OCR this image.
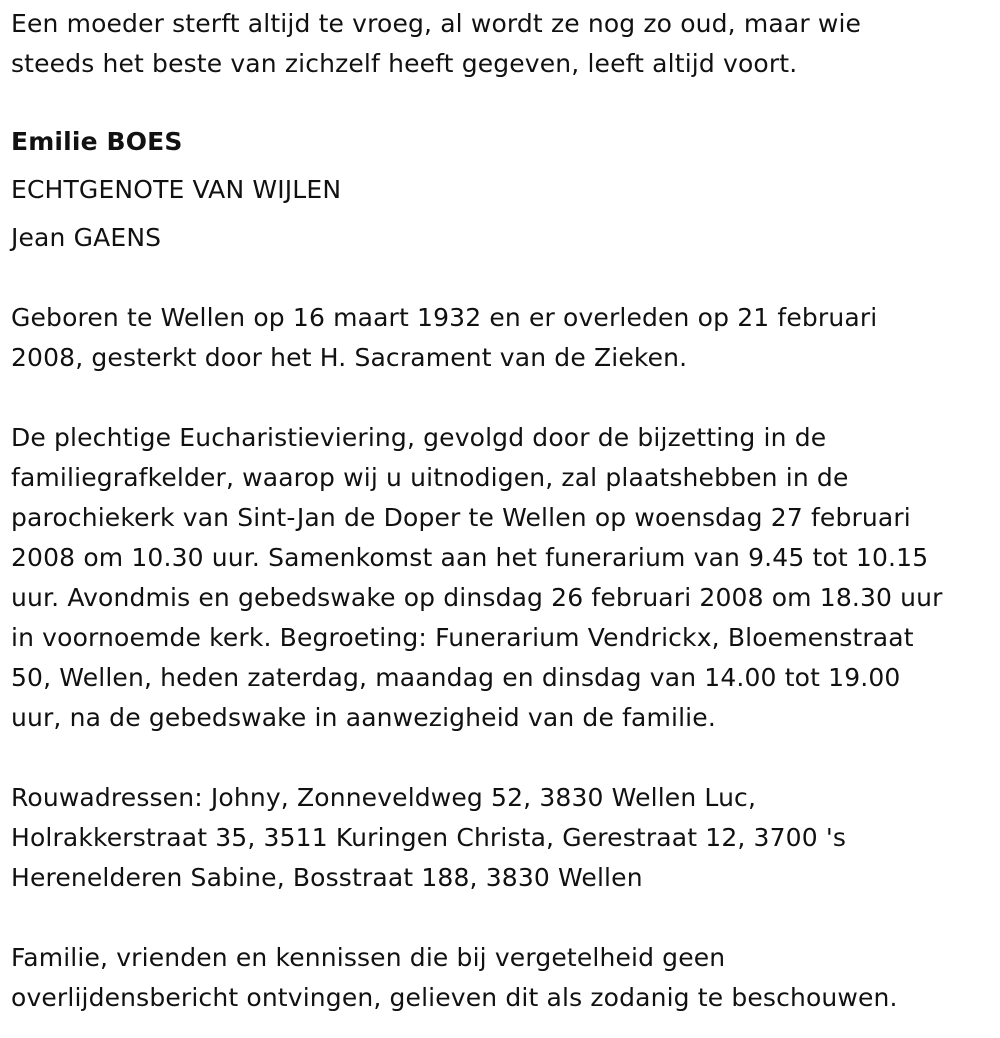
Een moeder sterft altijd te vroeg, al wordt ze nog zo oud, maar wie
steeds het beste van zichzelf heeft gegeven, leeft altijd voort.

Emilie BOES

ECHTGENOTE VAN WIJLEN

Jean GAENS

Geboren te Wellen op 16 maart 1932 en er overleden op 21 februari
2008, gesterkt door het H. Sacrament van de Zieken.

De plechtige Eucharistieviering, gevolgd door de bijzetting in de
familiegrafkelder, waarop wij u uitnodigen, zal plaatshebben in de
parochiekerk van Sint-Jan de Doper te Wellen op woensdag 27 februari
2008 om 10.30 uur. Samenkomst aan het funerarium van 9.45 tot 10.15
uur. Avondmis en gebedswake op dinsdag 26 februari 2008 om 18.30 uur
in voornoemde kerk. Begroeting: Funerarium Vendrickx, Bloemenstraat
50, Wellen, heden zaterdag, maandag en dinsdag van 14.00 tot 19.00
uur, na de gebedswake in aanwezigheid van de familie.

Rouwadressen: Johny, Zonneveldweg 52, 3830 Wellen Luc,
Holrakkerstraat 35, 3511 Kuringen Christa, Gerestraat 12, 3700 's
Herenelderen Sabine, Bosstraat 188, 3830 Wellen

Familie, vrienden en kennissen die bij vergetelheid geen
overlijdensbericht ontvingen, gelieven dit als zodanig te beschouwen.
